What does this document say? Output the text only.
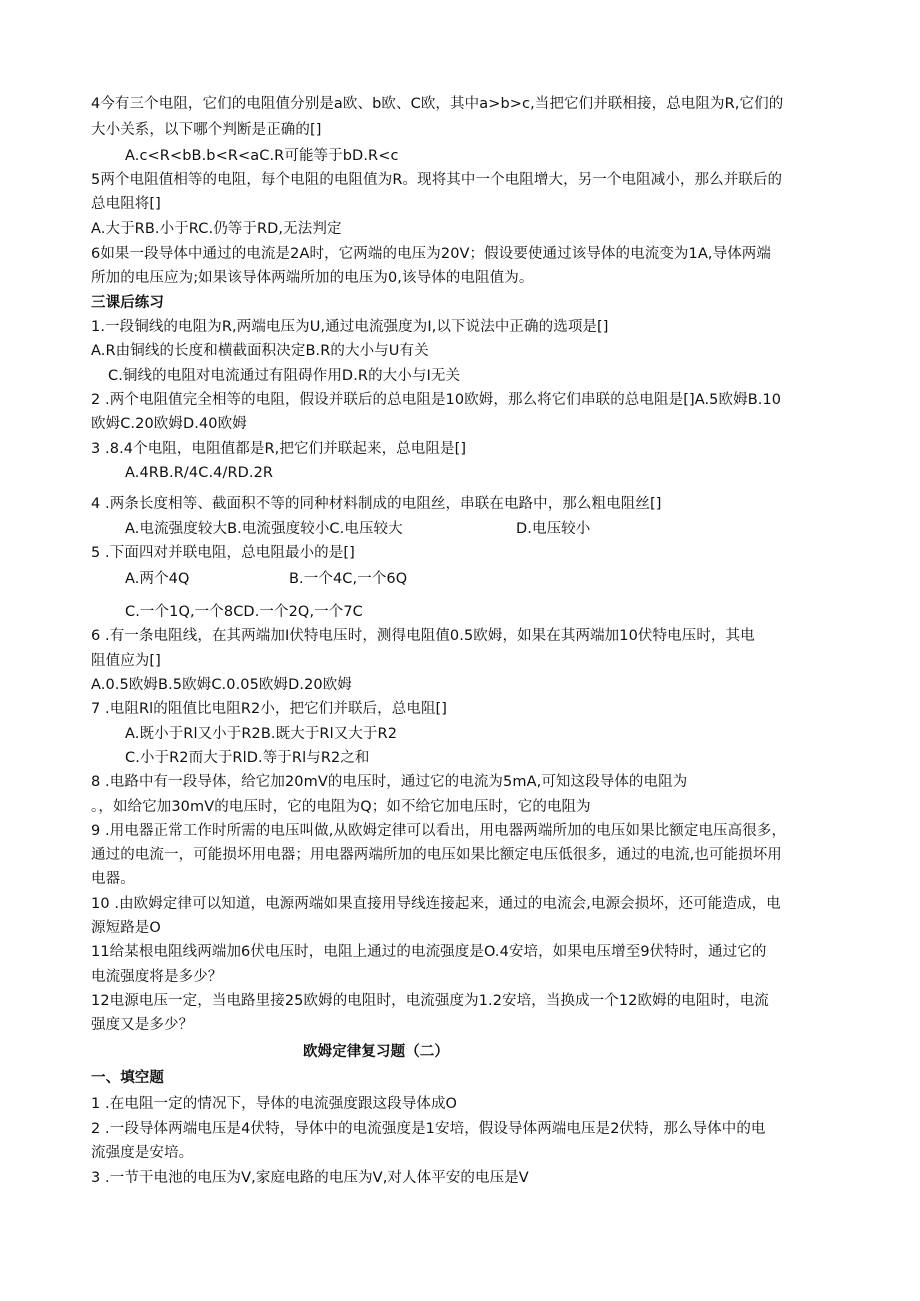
4今有三个电阻，它们的电阻值分别是a欧、b欧、C欧，其中a>b>c,当把它们并联相接，总电阻为R,它们的
大小关系，以下哪个判断是正确的[]
A.c<R<bB.b<R<aC.R可能等于bD.R<c
5两个电阻值相等的电阻，每个电阻的电阻值为R。现将其中一个电阻增大，另一个电阻减小，那么并联后的
总电阻将[]
A.大于RB.小于RC.仍等于RD,无法判定
6如果一段导体中通过的电流是2A时，它两端的电压为20V；假设要使通过该导体的电流变为1A,导体两端
所加的电压应为;如果该导体两端所加的电压为0,该导体的电阻值为。
三课后练习
1.一段铜线的电阻为R,两端电压为U,通过电流强度为I,以下说法中正确的选项是[]
A.R由铜线的长度和横截面积决定B.R的大小与U有关
C.铜线的电阻对电流通过有阻碍作用D.R的大小与I无关
2 .两个电阻值完全相等的电阻，假设并联后的总电阻是10欧姆，那么将它们串联的总电阻是[]A.5欧姆B.10
欧姆C.20欧姆D.40欧姆
3 .8.4个电阻，电阻值都是R,把它们并联起来，总电阻是[]
A.4RB.R/4C.4/RD.2R
4 .两条长度相等、截面积不等的同种材料制成的电阻丝，串联在电路中，那么粗电阻丝[]
A.电流强度较大B.电流强度较小C.电压较大	D.电压较小
5 .下面四对并联电阻，总电阻最小的是[]
A.两个4Q	B.一个4C,一个6Q
C.一个1Q,一个8CD.一个2Q,一个7C
6 .有一条电阻线，在其两端加I伏特电压时，测得电阻值0.5欧姆，如果在其两端加10伏特电压时，其电
阻值应为[]
A.0.5欧姆B.5欧姆C.0.05欧姆D.20欧姆
7 .电阻Rl的阻值比电阻R2小，把它们并联后，总电阻[]
A.既小于Rl又小于R2B.既大于Rl又大于R2
C.小于R2而大于RlD.等于Rl与R2之和
8 .电路中有一段导体，给它加20mV的电压时，通过它的电流为5mA,可知这段导体的电阻为
。，如给它加30mV的电压时，它的电阻为Q；如不给它加电压时，它的电阻为
9 .用电器正常工作时所需的电压叫做,从欧姆定律可以看出，用电器两端所加的电压如果比额定电压高很多，
通过的电流一，可能损坏用电器；用电器两端所加的电压如果比额定电压低很多，通过的电流,也可能损坏用
电器。
10 .由欧姆定律可以知道，电源两端如果直接用导线连接起来，通过的电流会,电源会损坏，还可能造成，电
源短路是O
11给某根电阻线两端加6伏电压时，电阻上通过的电流强度是O.4安培，如果电压增至9伏特时，通过它的
电流强度将是多少？
12电源电压一定，当电路里接25欧姆的电阻时，电流强度为1.2安培，当换成一个12欧姆的电阻时，电流
强度又是多少？
欧姆定律复习题（二）
一、填空题
1 .在电阻一定的情况下，导体的电流强度跟这段导体成O
2 .一段导体两端电压是4伏特，导体中的电流强度是1安培，假设导体两端电压是2伏特，那么导体中的电
流强度是安培。
3 .一节干电池的电压为V,家庭电路的电压为V,对人体平安的电压是V
